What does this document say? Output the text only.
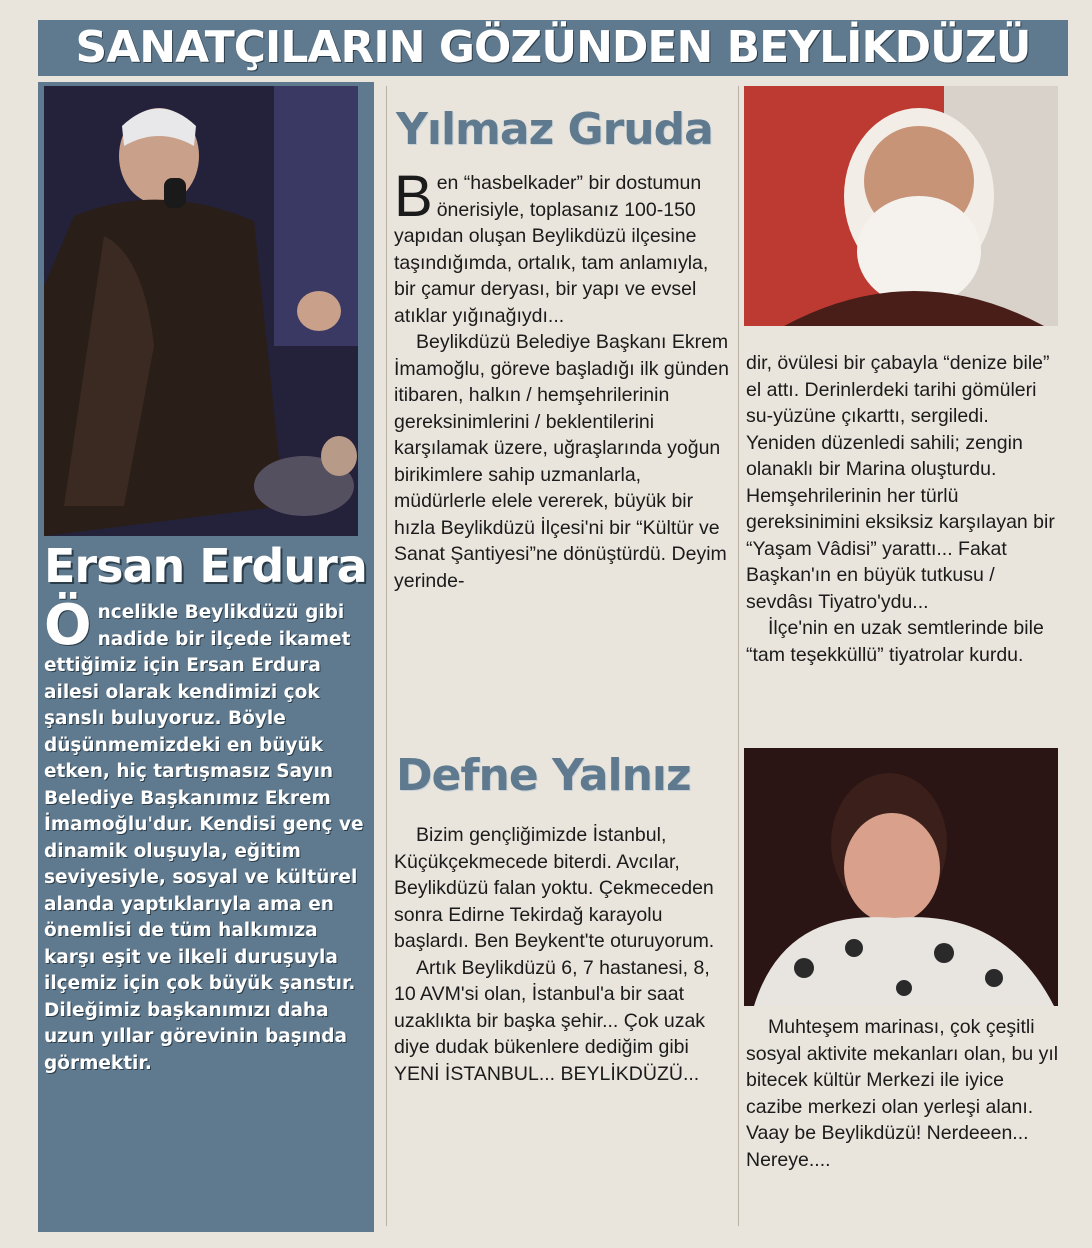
SANATÇILARIN GÖZÜNDEN BEYLİKDÜZÜ
Ersan Erdura
Öncelikle Beylikdüzü gibi nadide bir ilçede ikamet ettiğimiz için Ersan Erdura ailesi olarak kendimizi çok şanslı buluyoruz. Böyle düşünmemizdeki en büyük etken, hiç tartışmasız Sayın Belediye Başkanımız Ekrem İmamoğlu'dur. Kendisi genç ve dinamik oluşuyla, eğitim seviyesiyle, sosyal ve kültürel alanda yaptıklarıyla ama en önemlisi de tüm halkımıza karşı eşit ve ilkeli duruşuyla ilçemiz için çok büyük şanstır. Dileğimiz başkanımızı daha uzun yıllar görevinin başında görmektir.
Yılmaz Gruda

Ben “hasbelkader” bir dostumun önerisiyle, toplasanız 100-150 yapıdan oluşan Beylikdüzü ilçesine taşındığımda, ortalık, tam anlamıyla, bir çamur deryası, bir yapı ve evsel atıklar yığınağıydı...

Beylikdüzü Belediye Başkanı Ekrem İmamoğlu, göreve başladığı ilk günden itibaren, halkın / hemşehrilerinin gereksinimlerini / beklentilerini karşılamak üzere, uğraşlarında yoğun birikimlere sahip uzmanlarla, müdürlerle elele vererek, büyük bir hızla Beylikdüzü İlçesi'ni bir “Kültür ve Sanat Şantiyesi”ne dönüştürdü. Deyim yerinde-

dir, övülesi bir çabayla “denize bile” el attı. Derinlerdeki tarihi gömüleri su-yüzüne çıkarttı, sergiledi. Yeniden düzenledi sahili; zengin olanaklı bir Marina oluşturdu. Hemşehrilerinin her türlü gereksinimini eksiksiz karşılayan bir “Yaşam Vâdisi” yarattı... Fakat Başkan'ın en büyük tutkusu / sevdâsı Tiyatro'ydu...

İlçe'nin en uzak semtlerinde bile “tam teşekküllü” tiyatrolar kurdu.

Defne Yalnız

Bizim gençliğimizde İstanbul, Küçükçekmecede biterdi. Avcılar, Beylikdüzü falan yoktu. Çekmeceden sonra Edirne Tekirdağ karayolu başlardı. Ben Beykent'te oturuyorum.

Artık Beylikdüzü 6, 7 hastanesi, 8, 10 AVM'si olan, İstanbul'a bir saat uzaklıkta bir başka şehir... Çok uzak diye dudak bükenlere dediğim gibi YENİ İSTANBUL... BEYLİKDÜZÜ...

Muhteşem marinası, çok çeşitli sosyal aktivite mekanları olan, bu yıl bitecek kültür Merkezi ile iyice cazibe merkezi olan yerleşi alanı. Vaay be Beylikdüzü! Nerdeeen... Nereye....
